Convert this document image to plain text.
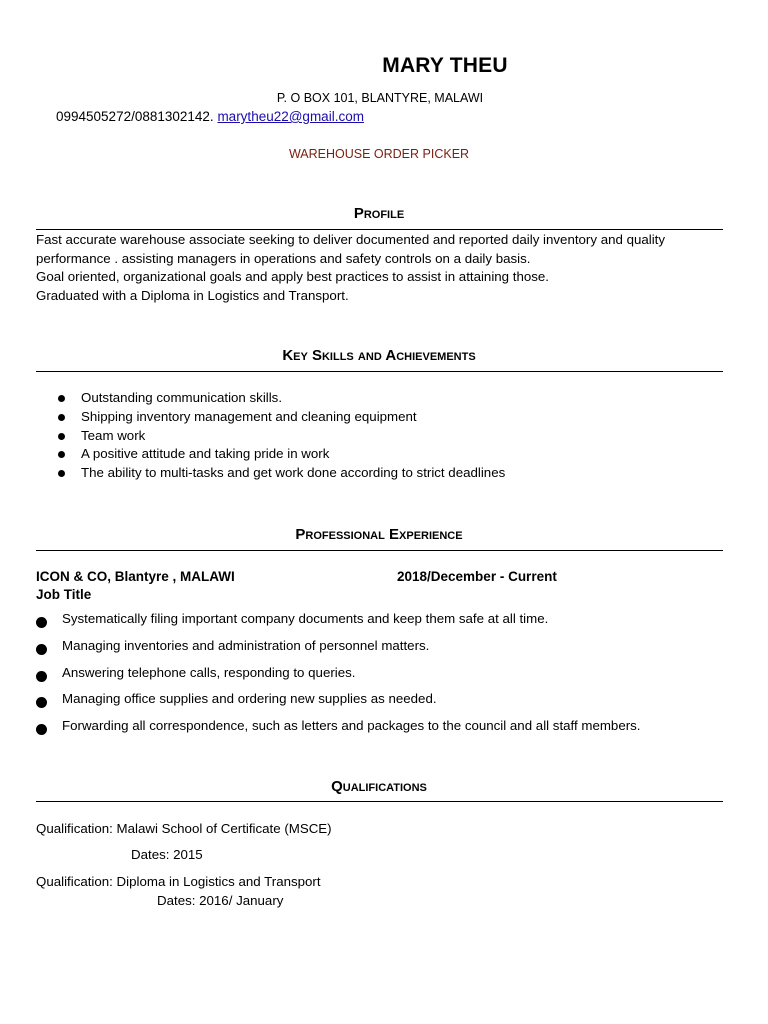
MARY THEU
P. O BOX 101, BLANTYRE, MALAWI
0994505272/0881302142. marytheu22@gmail.com
WAREHOUSE ORDER PICKER
Profile
Fast accurate warehouse associate seeking to deliver documented and reported daily inventory and quality
performance . assisting managers in operations and safety controls on a daily basis.
Goal oriented, organizational goals and apply best practices to assist in attaining those.
Graduated with a Diploma in Logistics and Transport.
Key Skills and Achievements
Outstanding communication skills.
Shipping inventory management and cleaning equipment
Team work
A positive attitude and taking pride in work
The ability to multi-tasks and get work done according to strict deadlines
Professional Experience
ICON & CO, Blantyre , MALAWI	2018/December - Current
Job Title
Systematically filing important company documents and keep them safe at all time.
Managing inventories and administration of personnel matters.
Answering telephone calls, responding to queries.
Managing office supplies and ordering new supplies as needed.
Forwarding all correspondence, such as letters and packages to the council and all staff members.
Qualifications
Qualification: Malawi School of Certificate (MSCE)
Dates: 2015
Qualification: Diploma in Logistics and Transport
Dates: 2016/ January
